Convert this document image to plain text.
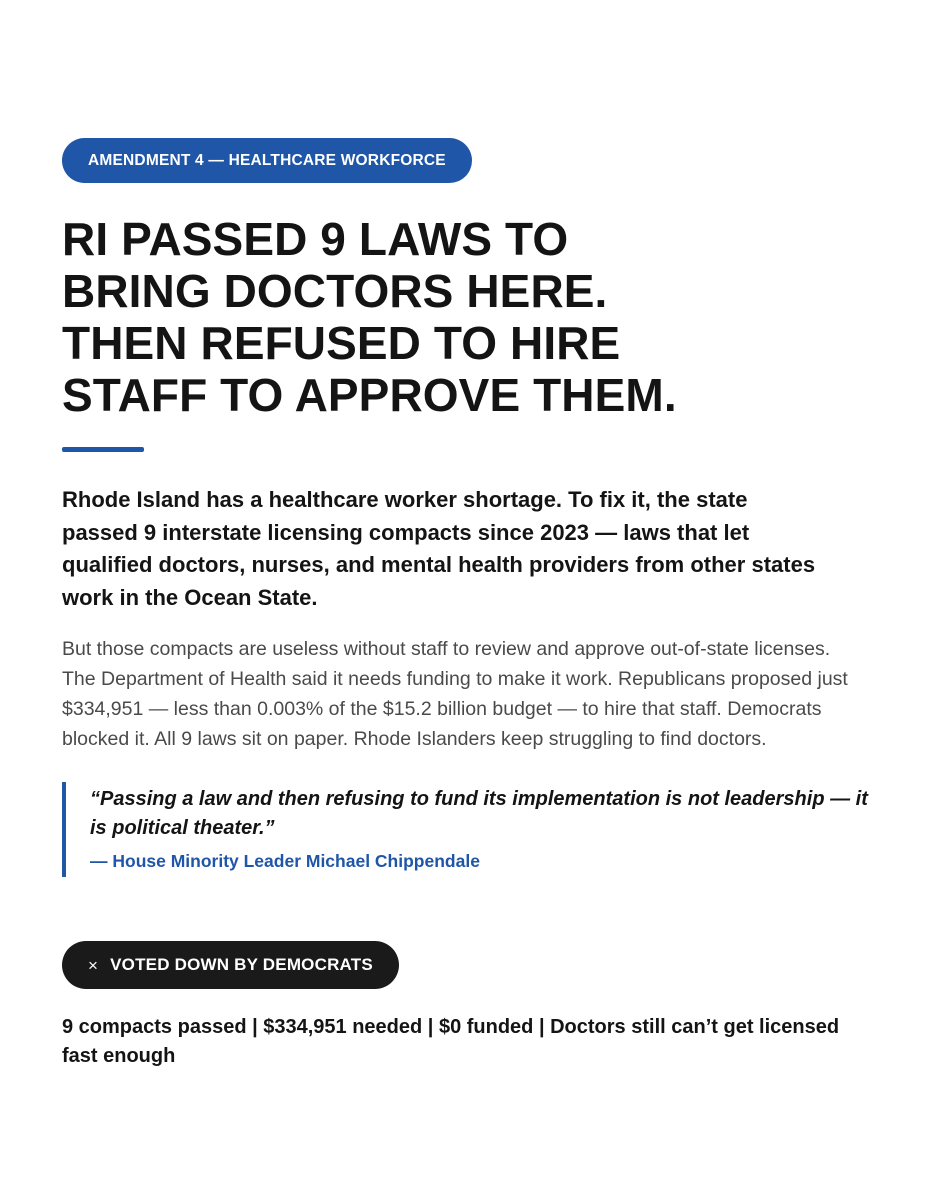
AMENDMENT 4 — HEALTHCARE WORKFORCE
RI PASSED 9 LAWS TO
BRING DOCTORS HERE.
THEN REFUSED TO HIRE
STAFF TO APPROVE THEM.

Rhode Island has a healthcare worker shortage. To fix it, the state
passed 9 interstate licensing compacts since 2023 — laws that let
qualified doctors, nurses, and mental health providers from other states
work in the Ocean State.

But those compacts are useless without staff to review and approve out-of-state licenses.
The Department of Health said it needs funding to make it work. Republicans proposed just
$334,951 — less than 0.003% of the $15.2 billion budget — to hire that staff. Democrats
blocked it. All 9 laws sit on paper. Rhode Islanders keep struggling to find doctors.

“Passing a law and then refusing to fund its implementation is not leadership — it
is political theater.”
— House Minority Leader Michael Chippendale
× VOTED DOWN BY DEMOCRATS

9 compacts passed | $334,951 needed | $0 funded | Doctors still can’t get licensed
fast enough
